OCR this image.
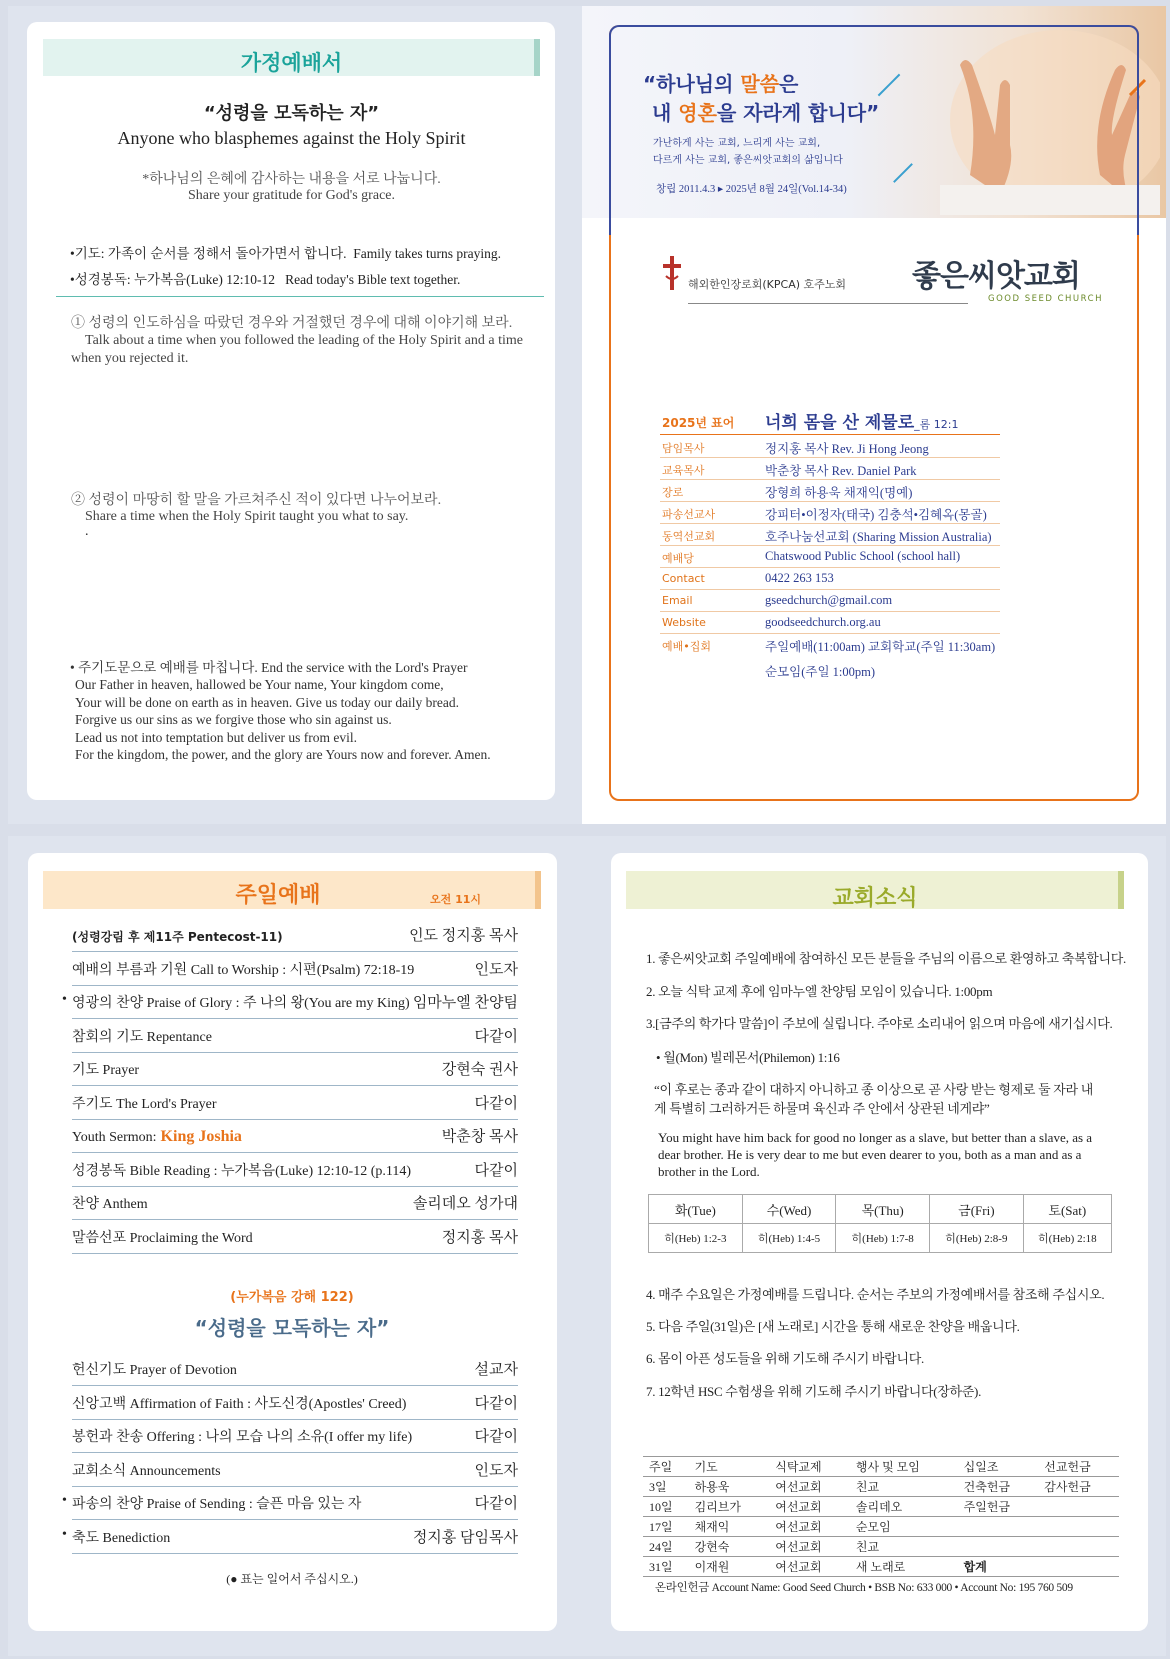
가정예배서
“성령을 모독하는 자”
Anyone who blasphemes against the Holy Spirit
*하나님의 은혜에 감사하는 내용을 서로 나눕니다.
Share your gratitude for God's grace.
•기도: 가족이 순서를 정해서 돌아가면서 합니다. Family takes turns praying.
•성경봉독: 누가복음(Luke) 12:10-12 Read today's Bible text together.
① 성령의 인도하심을 따랐던 경우와 거절했던 경우에 대해 이야기해 보라.
Talk about a time when you followed the leading of the Holy Spirit and a time when you rejected it.
② 성령이 마땅히 할 말을 가르쳐주신 적이 있다면 나누어보라.
Share a time when the Holy Spirit taught you what to say.
.
• 주기도문으로 예배를 마칩니다. End the service with the Lord's Prayer
Our Father in heaven, hallowed be Your name, Your kingdom come,
Your will be done on earth as in heaven. Give us today our daily bread.
Forgive us our sins as we forgive those who sin against us.
Lead us not into temptation but deliver us from evil.
For the kingdom, the power, and the glory are Yours now and forever. Amen.
“하나님의 말씀은
내 영혼을 자라게 합니다”
가난하게 사는 교회, 느리게 사는 교회,
다르게 사는 교회, 좋은씨앗교회의 삶입니다
창립 2011.4.3 ▸ 2025년 8월 24일(Vol.14-34)
해외한인장로회(KPCA) 호주노회 좋은씨앗교회
GOOD SEED CHURCH
2025년 표어 너희 몸을 산 제물로_롬 12:1
담임목사	정지홍 목사 Rev. Ji Hong Jeong
교육목사	박춘창 목사 Rev. Daniel Park
장로	장형희 하용욱 채재익(명예)
파송선교사	강피터•이정자(태국) 김충석•김혜옥(몽골)
동역선교회	호주나눔선교회 (Sharing Mission Australia)
예배당	Chatswood Public School (school hall)
Contact	0422 263 153
Email	gseedchurch@gmail.com
Website	goodseedchurch.org.au
예배•집회	주일예배(11:00am) 교회학교(주일 11:30am)
순모임(주일 1:00pm)
주일예배	오전 11시
(성령강림 후 제11주 Pentecost-11)	인도 정지홍 목사
예배의 부름과 기원 Call to Worship : 시편(Psalm) 72:18-19	인도자
• 영광의 찬양 Praise of Glory : 주 나의 왕(You are my King) 임마누엘 찬양팀
참회의 기도 Repentance	다같이
기도 Prayer	강현숙 권사
주기도 The Lord's Prayer	다같이
Youth Sermon: King Joshia	박춘창 목사
성경봉독 Bible Reading : 누가복음(Luke) 12:10-12 (p.114)	다같이
찬양 Anthem	솔리데오 성가대
말씀선포 Proclaiming the Word	정지홍 목사
(누가복음 강해 122)
“성령을 모독하는 자”
헌신기도 Prayer of Devotion	설교자
신앙고백 Affirmation of Faith : 사도신경(Apostles' Creed)	다같이
봉헌과 찬송 Offering : 나의 모습 나의 소유(I offer my life)	다같이
교회소식 Announcements	인도자
• 파송의 찬양 Praise of Sending : 슬픈 마음 있는 자	다같이
• 축도 Benediction	정지홍 담임목사
(● 표는 일어서 주십시오.)
교회소식
1. 좋은씨앗교회 주일예배에 참여하신 모든 분들을 주님의 이름으로 환영하고 축복합니다.
2. 오늘 식탁 교제 후에 임마누엘 찬양팀 모임이 있습니다. 1:00pm
3.[금주의 학가다 말씀]이 주보에 실립니다. 주야로 소리내어 읽으며 마음에 새기십시다.
• 월(Mon) 빌레몬서(Philemon) 1:16
“이 후로는 종과 같이 대하지 아니하고 종 이상으로 곧 사랑 받는 형제로 둘 자라 내
게 특별히 그러하거든 하물며 육신과 주 안에서 상관된 네게랴”
You might have him back for good no longer as a slave, but better than a slave, as a dear brother. He is very dear to me but even dearer to you, both as a man and as a brother in the Lord.
화(Tue)	수(Wed)	목(Thu)	금(Fri)	토(Sat)
히(Heb) 1:2-3	히(Heb) 1:4-5	히(Heb) 1:7-8	히(Heb) 2:8-9	히(Heb) 2:18
4. 매주 수요일은 가정예배를 드립니다. 순서는 주보의 가정예배서를 참조해 주십시오.
5. 다음 주일(31일)은 [새 노래로] 시간을 통해 새로운 찬양을 배웁니다.
6. 몸이 아픈 성도들을 위해 기도해 주시기 바랍니다.
7. 12학년 HSC 수험생을 위해 기도해 주시기 바랍니다(장하준).
주일	기도	식탁교제	행사 및 모임	십일조	선교헌금
3일	하용욱	여선교회	친교	건축헌금	감사헌금
10일	김리브가	여선교회	솔리데오	주일헌금	
17일	채재익	여선교회	순모임		
24일	강현숙	여선교회	친교		
31일	이재원	여선교회	새 노래로	합계	
온라인헌금 Account Name: Good Seed Church • BSB No: 633 000 • Account No: 195 760 509
